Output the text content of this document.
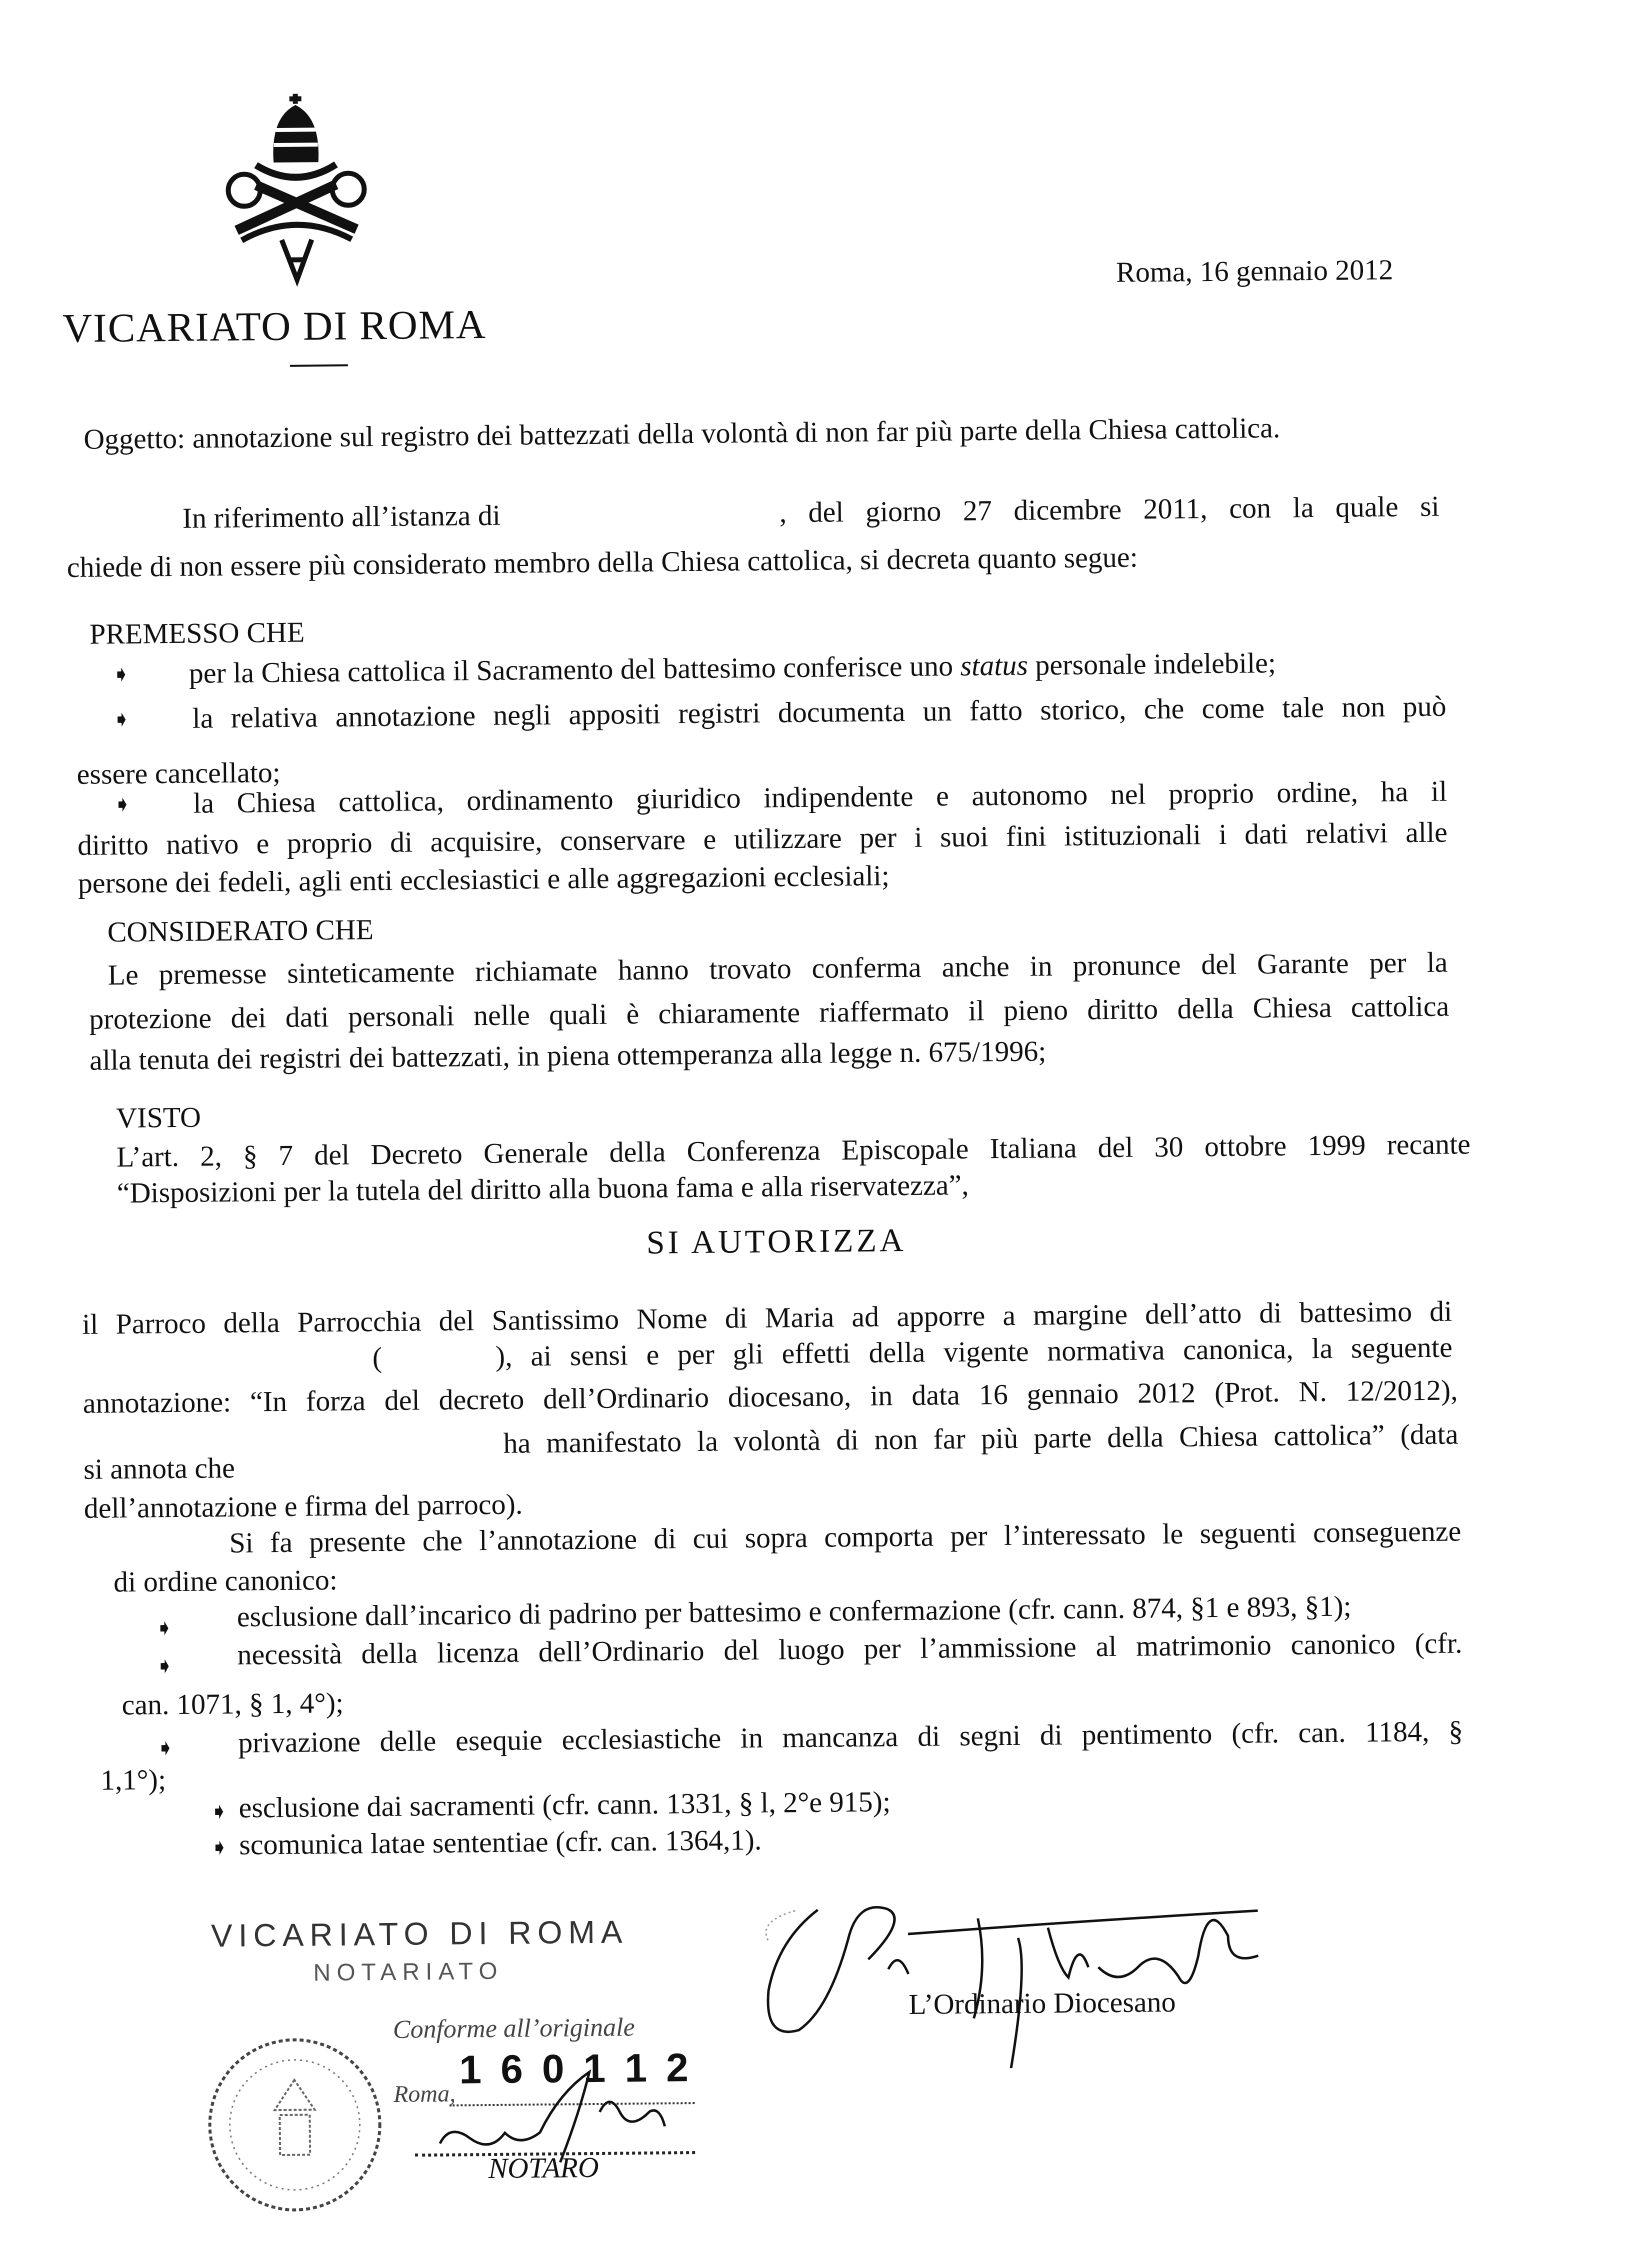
Roma, 16 gennaio 2012
VICARIATO DI ROMA
Oggetto: annotazione sul registro dei battezzati della volontà di non far più parte della Chiesa cattolica.
In riferimento all’istanza di	, del giorno 27 dicembre 2011, con la quale si
chiede di non essere più considerato membro della Chiesa cattolica, si decreta quanto segue:
PREMESSO CHE
➧ per la Chiesa cattolica il Sacramento del battesimo conferisce uno status personale indelebile;
➧ la relativa annotazione negli appositi registri documenta un fatto storico, che come tale non può
essere cancellato;
➧ la Chiesa cattolica, ordinamento giuridico indipendente e autonomo nel proprio ordine, ha il
diritto nativo e proprio di acquisire, conservare e utilizzare per i suoi fini istituzionali i dati relativi alle
persone dei fedeli, agli enti ecclesiastici e alle aggregazioni ecclesiali;
CONSIDERATO CHE
Le premesse sinteticamente richiamate hanno trovato conferma anche in pronunce del Garante per la
protezione dei dati personali nelle quali è chiaramente riaffermato il pieno diritto della Chiesa cattolica
alla tenuta dei registri dei battezzati, in piena ottemperanza alla legge n. 675/1996;
VISTO
L’art. 2, § 7 del Decreto Generale della Conferenza Episcopale Italiana del 30 ottobre 1999 recante
“Disposizioni per la tutela del diritto alla buona fama e alla riservatezza”,
SI AUTORIZZA
il Parroco della Parrocchia del Santissimo Nome di Maria ad apporre a margine dell’atto di battesimo di
(	), ai sensi e per gli effetti della vigente normativa canonica, la seguente
annotazione: “In forza del decreto dell’Ordinario diocesano, in data 16 gennaio 2012 (Prot. N. 12/2012),
ha manifestato la volontà di non far più parte della Chiesa cattolica” (data
si annota che
dell’annotazione e firma del parroco).
Si fa presente che l’annotazione di cui sopra comporta per l’interessato le seguenti conseguenze
di ordine canonico:
➧ esclusione dall’incarico di padrino per battesimo e confermazione (cfr. cann. 874, §1 e 893, §1);
➧ necessità della licenza dell’Ordinario del luogo per l’ammissione al matrimonio canonico (cfr.
can. 1071, § 1, 4°);
➧ privazione delle esequie ecclesiastiche in mancanza di segni di pentimento (cfr. can. 1184, §
1,1°);
➧ esclusione dai sacramenti (cfr. cann. 1331, § l, 2°e 915);
➧ scomunica latae sententiae (cfr. can. 1364,1).
VICARIATO DI ROMA
NOTARIATO
Conforme all’originale
Roma,
1 6 0 1 1 2
NOTARO
L’Ordinario Diocesano
